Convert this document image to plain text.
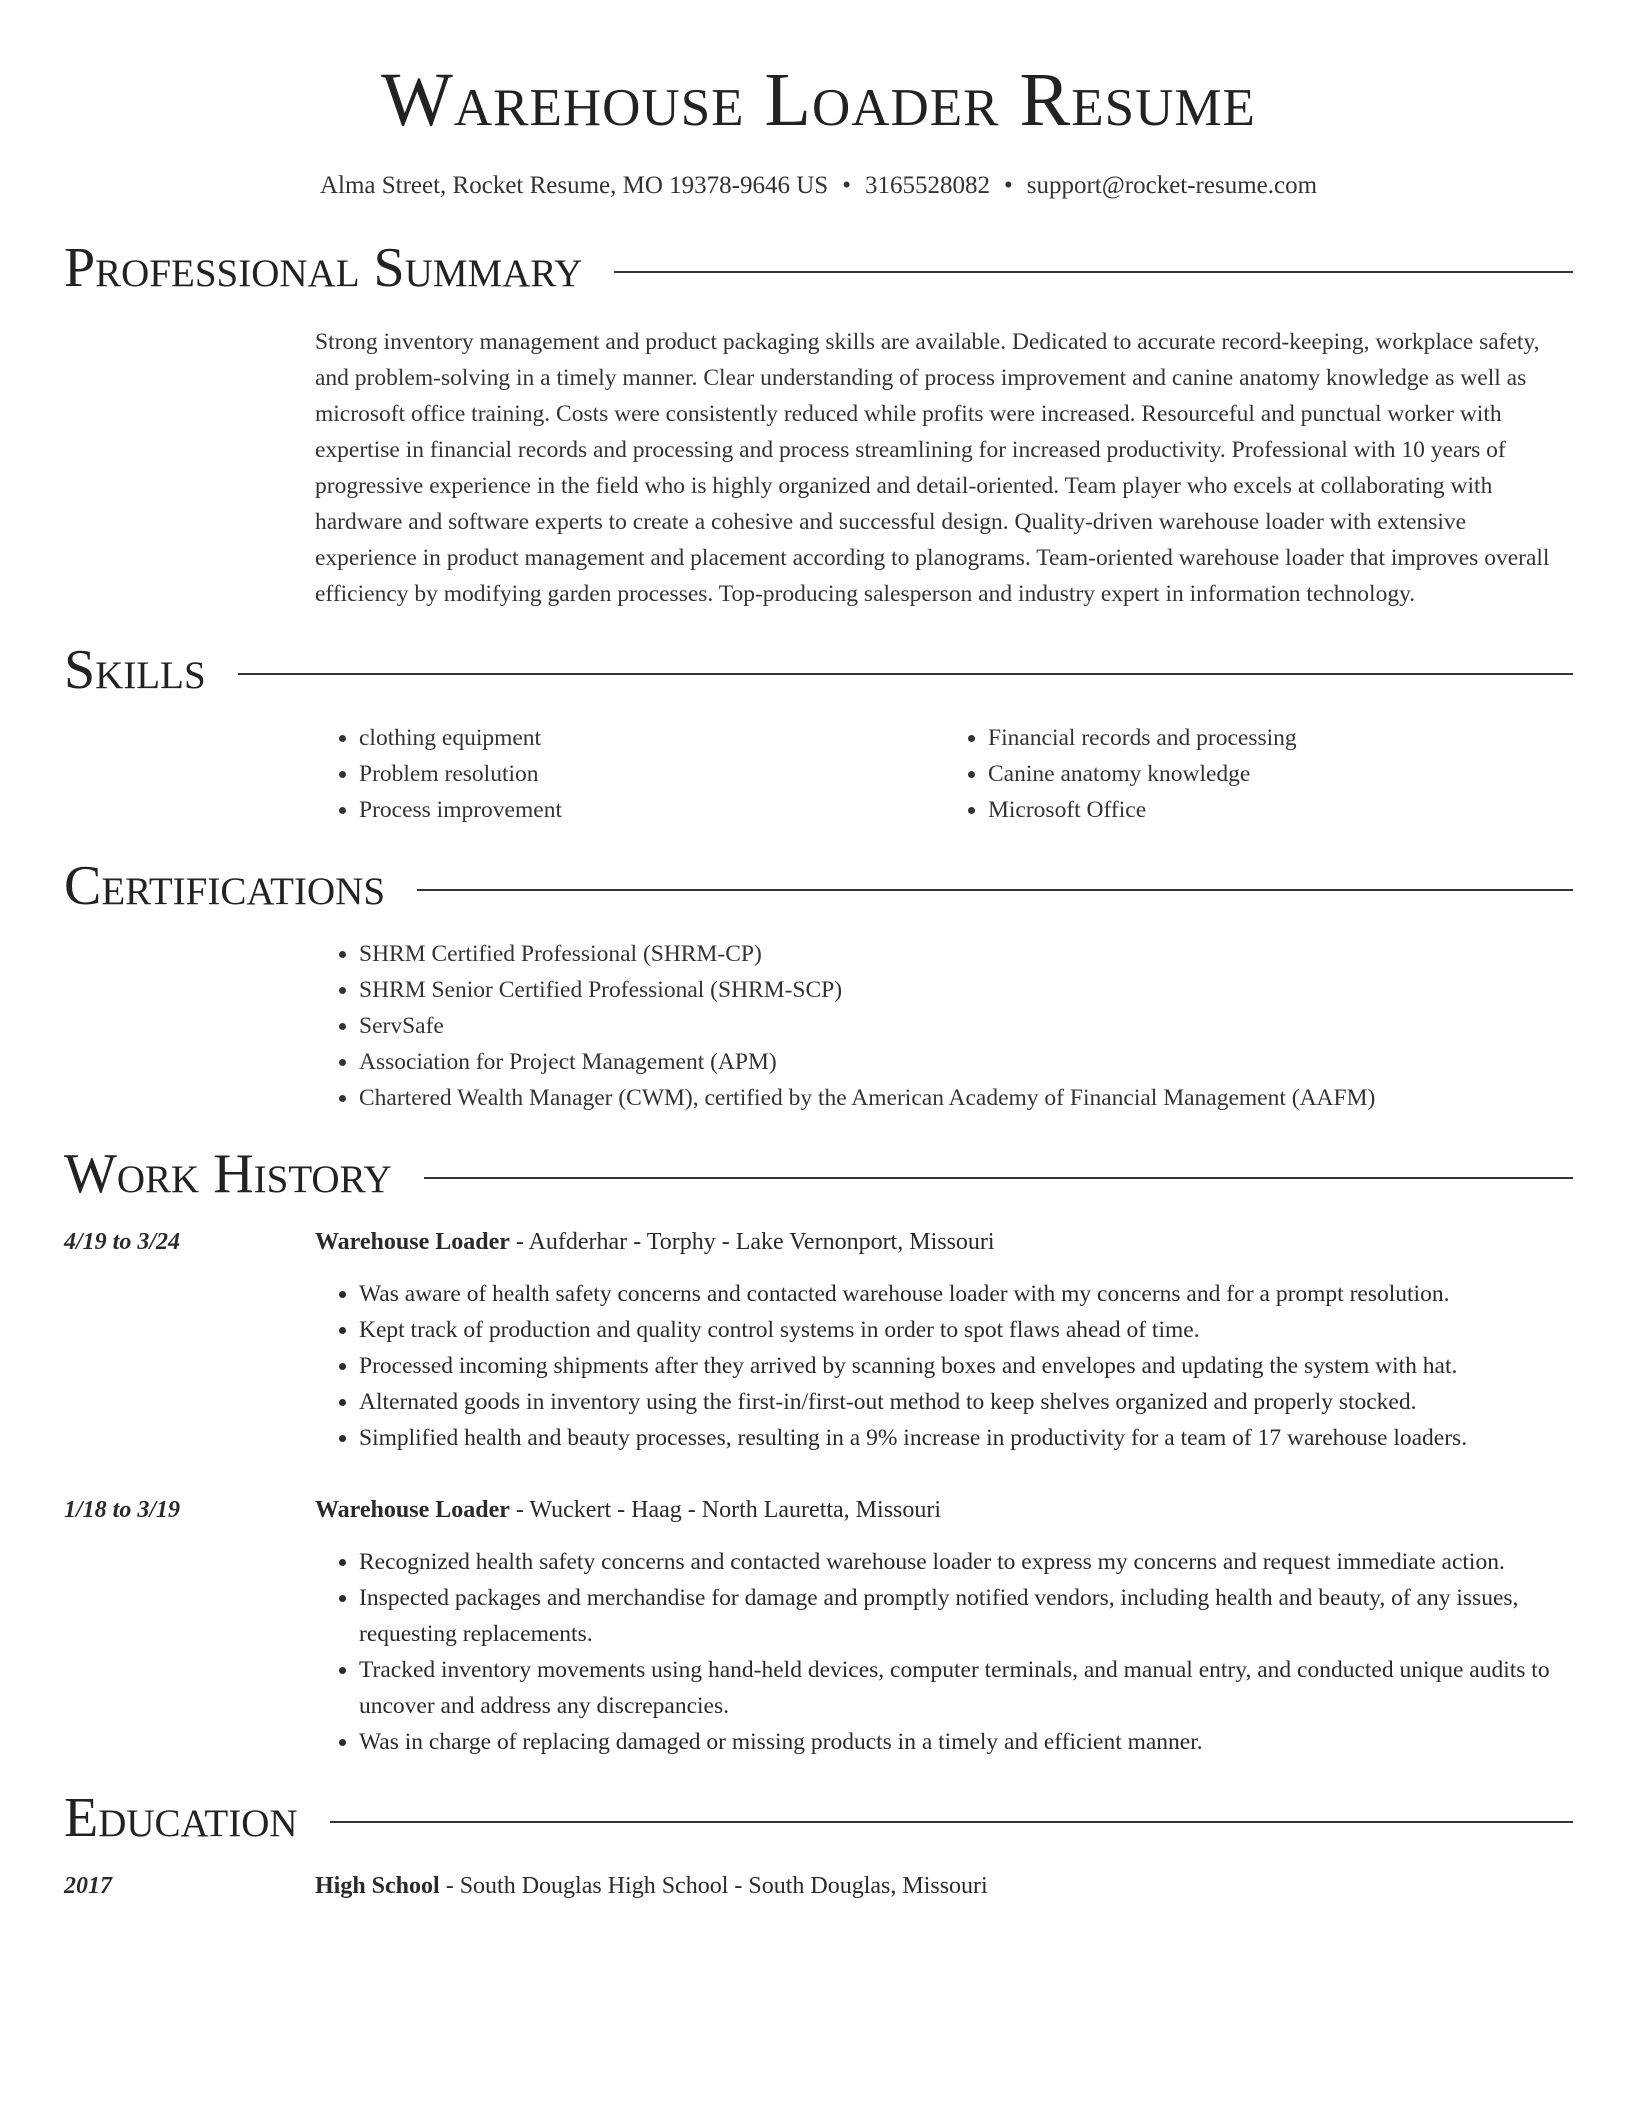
Warehouse Loader Resume
Alma Street, Rocket Resume, MO 19378-9646 US • 3165528082 • support@rocket-resume.com
Professional Summary
Strong inventory management and product packaging skills are available. Dedicated to accurate record-keeping, workplace safety, and problem-solving in a timely manner. Clear understanding of process improvement and canine anatomy knowledge as well as microsoft office training. Costs were consistently reduced while profits were increased. Resourceful and punctual worker with expertise in financial records and processing and process streamlining for increased productivity. Professional with 10 years of progressive experience in the field who is highly organized and detail-oriented. Team player who excels at collaborating with hardware and software experts to create a cohesive and successful design. Quality-driven warehouse loader with extensive experience in product management and placement according to planograms. Team-oriented warehouse loader that improves overall efficiency by modifying garden processes. Top-producing salesperson and industry expert in information technology.
Skills
• clothing equipment
• Problem resolution
• Process improvement
• Financial records and processing
• Canine anatomy knowledge
• Microsoft Office
Certifications
• SHRM Certified Professional (SHRM-CP)
• SHRM Senior Certified Professional (SHRM-SCP)
• ServSafe
• Association for Project Management (APM)
• Chartered Wealth Manager (CWM), certified by the American Academy of Financial Management (AAFM)
Work History
4/19 to 3/24	Warehouse Loader - Aufderhar - Torphy - Lake Vernonport, Missouri
• Was aware of health safety concerns and contacted warehouse loader with my concerns and for a prompt resolution.
• Kept track of production and quality control systems in order to spot flaws ahead of time.
• Processed incoming shipments after they arrived by scanning boxes and envelopes and updating the system with hat.
• Alternated goods in inventory using the first-in/first-out method to keep shelves organized and properly stocked.
• Simplified health and beauty processes, resulting in a 9% increase in productivity for a team of 17 warehouse loaders.
1/18 to 3/19	Warehouse Loader - Wuckert - Haag - North Lauretta, Missouri
• Recognized health safety concerns and contacted warehouse loader to express my concerns and request immediate action.
• Inspected packages and merchandise for damage and promptly notified vendors, including health and beauty, of any issues, requesting replacements.
• Tracked inventory movements using hand-held devices, computer terminals, and manual entry, and conducted unique audits to uncover and address any discrepancies.
• Was in charge of replacing damaged or missing products in a timely and efficient manner.
Education
2017	High School - South Douglas High School - South Douglas, Missouri
